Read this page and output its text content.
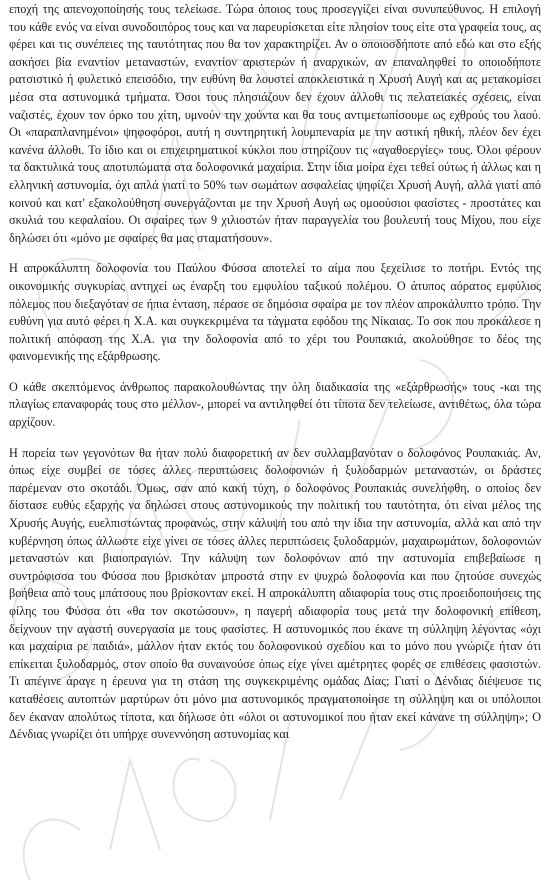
εποχή της απενοχοποίησής τους τελείωσε. Τώρα όποιος τους προσεγγίζει είναι συνυπεύθυνος. Η επιλογή του κάθε ενός να είναι συνοδοιπόρος τους και να παρευρίσκεται είτε πλησίον τους είτε στα γραφεία τους, ας φέρει και τις συνέπειες της ταυτότητας που θα τον χαρακτηρίζει. Αν ο οποιοσδήποτε από εδώ και στο εξής ασκήσει βία εναντίον μεταναστών, εναντίον αριστερών ή αναρχικών, αν επαναληφθεί το οποιοδήποτε ρατσιστικό ή φυλετικό επεισόδιο, την ευθύνη θα λουστεί αποκλειστικά η Χρυσή Αυγή και ας μετακομίσει μέσα στα αστυνομικά τμήματα. Όσοι τους πλησιάζουν δεν έχουν άλλοθι τις πελατειακές σχέσεις, είναι ναζιστές, έχουν τον όρκο του χίτη, υμνούν την χούντα και θα τους αντιμετωπίσουμε ως εχθρούς του λαού. Οι «παραπλανημένοι» ψηφοφόροι, αυτή η συντηρητική λουμπεναρία με την αστική ηθική, πλέον δεν έχει κανένα άλλοθι. Το ίδιο και οι επιχειρηματικοί κύκλοι που στηρίζουν τις «αγαθοεργίες» τους. Όλοι φέρουν τα δακτυλικά τους αποτυπώματα στα δολοφονικά μαχαίρια. Στην ίδια μοίρα έχει τεθεί ούτως ή άλλως και η ελληνική αστυνομία, όχι απλά γιατί το 50% των σωμάτων ασφαλείας ψηφίζει Χρυσή Αυγή, αλλά γιατί από κοινού και κατ' εξακολούθηση συνεργάζονται με την Χρυσή Αυγή ως ομοούσιοι φασίστες - προστάτες και σκυλιά του κεφαλαίου. Οι σφαίρες των 9 χιλιοστών ήταν παραγγελία του βουλευτή τους Μίχου, που είχε δηλώσει ότι «μόνο με σφαίρες θα μας σταματήσουν».

Η απροκάλυπτη δολοφονία του Παύλου Φύσσα αποτελεί το αίμα που ξεχείλισε το ποτήρι. Εντός της οικονομικής συγκυρίας αντηχεί ως έναρξη του εμφυλίου ταξικού πολέμου. Ο άτυπος αόρατος εμφύλιος πόλεμος που διεξαγόταν σε ήπια ένταση, πέρασε σε δημόσια σφαίρα με τον πλέον απροκάλυπτο τρόπο. Την ευθύνη για αυτό φέρει η Χ.Α. και συγκεκριμένα τα τάγματα εφόδου της Νίκαιας. Το σοκ που προκάλεσε η πολιτική απόφαση της Χ.Α. για την δολοφονία από το χέρι του Ρουπακιά, ακολούθησε το δέος της φαινομενικής της εξάρθρωσης.

Ο κάθε σκεπτόμενος άνθρωπος παρακολουθώντας την όλη διαδικασία της «εξάρθρωσής» τους -και της πλαγίως επαναφοράς τους στο μέλλον-, μπορεί να αντιληφθεί ότι τίποτα δεν τελείωσε, αντιθέτως, όλα τώρα αρχίζουν.

Η πορεία των γεγονότων θα ήταν πολύ διαφορετική αν δεν συλλαμβανόταν ο δολοφόνος Ρουπακιάς. Αν, όπως είχε συμβεί σε τόσες άλλες περιπτώσεις δολοφονιών ή ξυλοδαρμών μεταναστών, οι δράστες παρέμεναν στο σκοτάδι. Όμως, σαν από κακή τύχη, ο δολοφόνος Ρουπακιάς συνελήφθη, ο οποίος δεν δίστασε ευθύς εξαρχής να δηλώσει στους αστυνομικούς την πολιτική του ταυτότητα, ότι είναι μέλος της Χρυσής Αυγής, ευελπιστώντας προφανώς, στην κάλυψή του από την ίδια την αστυνομία, αλλά και από την κυβέρνηση όπως άλλωστε είχε γίνει σε τόσες άλλες περιπτώσεις ξυλοδαρμών, μαχαιρωμάτων, δολοφονιών μεταναστών και βιαιοπραγιών. Την κάλυψη των δολοφόνων από την αστυνομία επιβεβαίωσε η συντρόφισσα του Φύσσα που βρισκόταν μπροστά στην εν ψυχρώ δολοφονία και που ζητούσε συνεχώς βοήθεια από τους μπάτσους που βρίσκονταν εκεί. Η απροκάλυπτη αδιαφορία τους στις προειδοποιήσεις της φίλης του Φύσσα ότι «θα τον σκοτώσουν», η παγερή αδιαφορία τους μετά την δολοφονική επίθεση, δείχνουν την αγαστή συνεργασία με τους φασίστες. Η αστυνομικός που έκανε τη σύλληψη λέγοντας «όχι και μαχαίρια ρε παιδιά», μάλλον ήταν εκτός του δολοφονικού σχεδίου και το μόνο που γνώριζε ήταν ότι επίκειται ξυλοδαρμός, στον οποίο θα συναινούσε όπως είχε γίνει αμέτρητες φορές σε επιθέσεις φασιστών. Τι απέγινε άραγε η έρευνα για τη στάση της συγκεκριμένης ομάδας Δίας; Γιατί ο Δένδιας διέψευσε τις καταθέσεις αυτοπτών μαρτύρων ότι μόνο μια αστυνομικός πραγματοποίησε τη σύλληψη και οι υπόλοιποι δεν έκαναν απολύτως τίποτα, και δήλωσε ότι «όλοι οι αστυνομικοί που ήταν εκεί κάνανε τη σύλληψη»; Ο Δένδιας γνωρίζει ότι υπήρχε συνεννόηση αστυνομίας και
